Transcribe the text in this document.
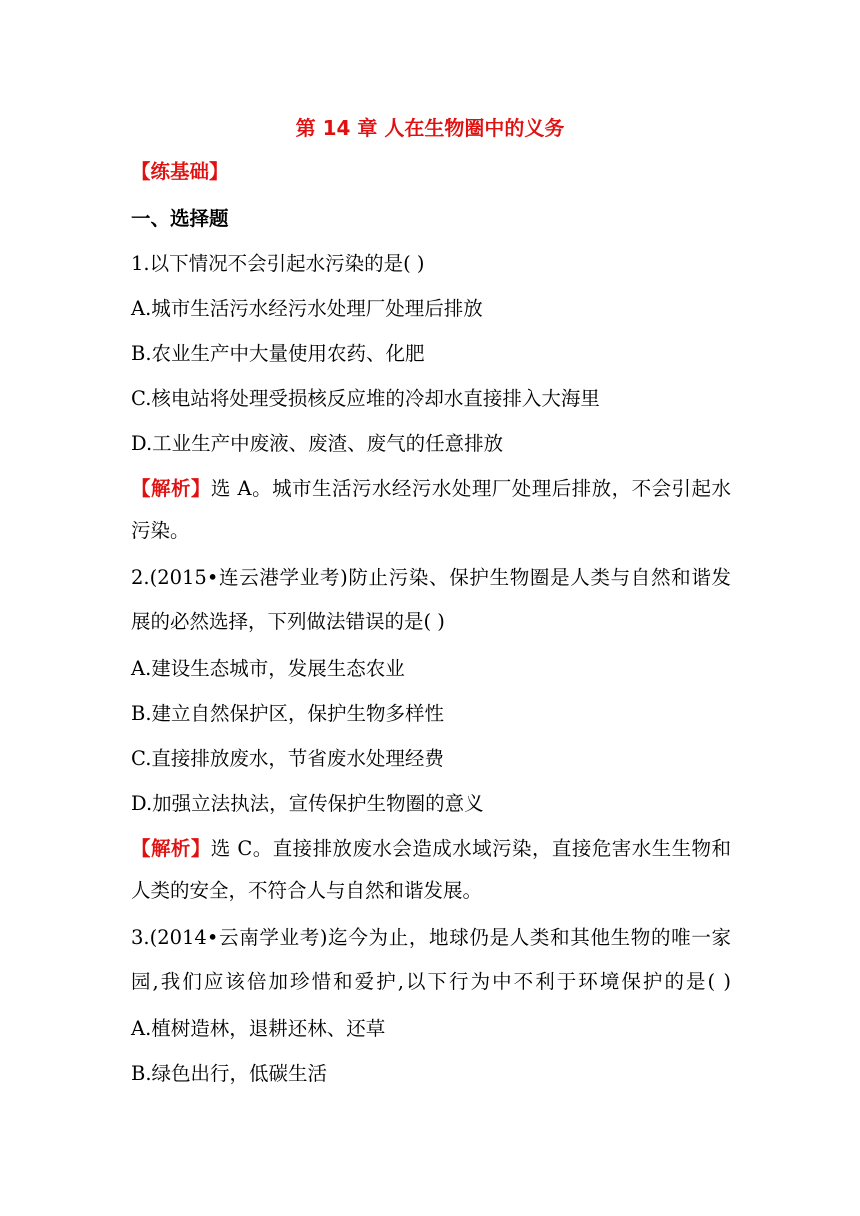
第 14 章 人在生物圈中的义务
【练基础】
一、选择题

1.以下情况不会引起水污染的是( )

A.城市生活污水经污水处理厂处理后排放

B.农业生产中大量使用农药、化肥

C.核电站将处理受损核反应堆的冷却水直接排入大海里

D.工业生产中废液、废渣、废气的任意排放

【解析】选 A。城市生活污水经污水处理厂处理后排放，不会引起水

污染。

2.(2015•连云港学业考)防止污染、保护生物圈是人类与自然和谐发

展的必然选择，下列做法错误的是( )

A.建设生态城市，发展生态农业

B.建立自然保护区，保护生物多样性

C.直接排放废水，节省废水处理经费

D.加强立法执法，宣传保护生物圈的意义

【解析】选 C。直接排放废水会造成水域污染，直接危害水生生物和

人类的安全，不符合人与自然和谐发展。

3.(2014•云南学业考)迄今为止，地球仍是人类和其他生物的唯一家

园,我们应该倍加珍惜和爱护,以下行为中不利于环境保护的是( )

A.植树造林，退耕还林、还草

B.绿色出行，低碳生活
